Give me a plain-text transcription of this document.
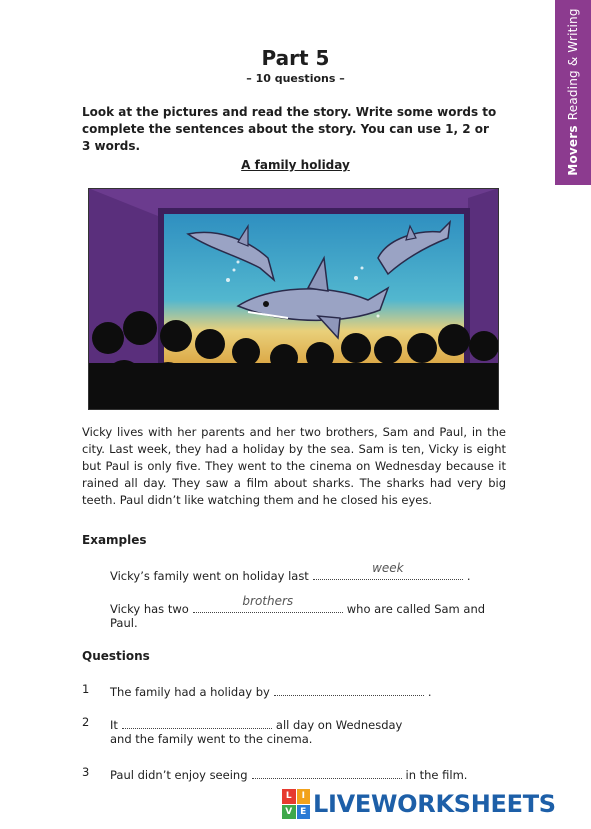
MoversReading & Writing
Part 5
– 10 questions –
Look at the pictures and read the story. Write some words to complete the sentences about the story. You can use 1, 2 or 3 words.
A family holiday
Vicky lives with her parents and her two brothers, Sam and Paul, in the city. Last week, they had a holiday by the sea. Sam is ten, Vicky is eight but Paul is only five. They went to the cinema on Wednesday because it rained all day. They saw a film about sharks. The sharks had very big teeth. Paul didn’t like watching them and he closed his eyes.
Examples
Vicky’s family went on holiday last
week
.
Vicky has two
brothers
who are called Sam and
Paul.
Questions
1 The family had a holiday by	.
2 It	all day on Wednesday
and the family went to the cinema.
3 Paul didn’t enjoy seeing	in the film.
L	I
V E LIVEWORKSHEETS
